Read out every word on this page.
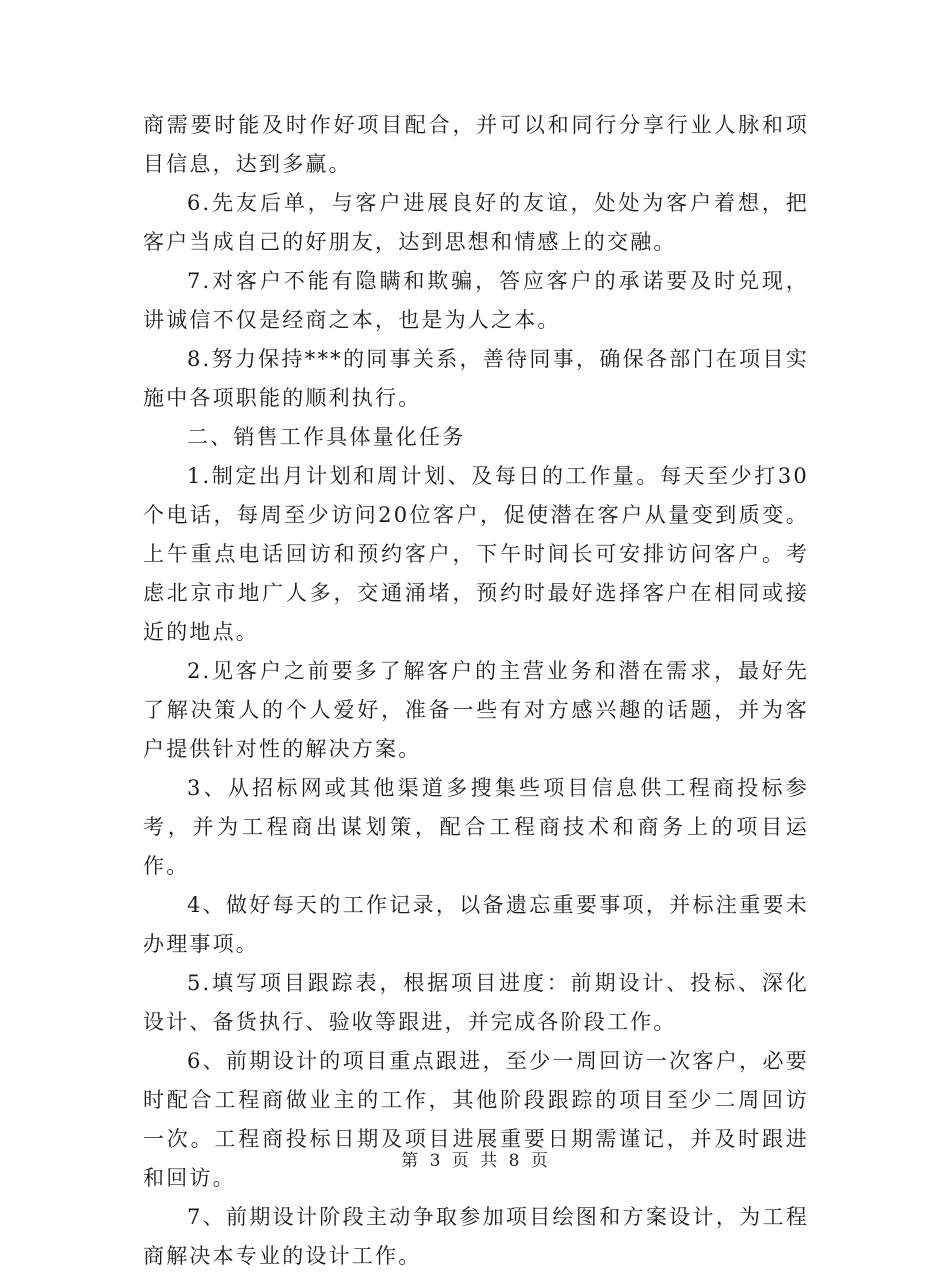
商需要时能及时作好项目配合，并可以和同行分享行业人脉和项目信息，达到多赢。

6.先友后单，与客户进展良好的友谊，处处为客户着想，把客户当成自己的好朋友，达到思想和情感上的交融。

7.对客户不能有隐瞒和欺骗，答应客户的承诺要及时兑现，讲诚信不仅是经商之本，也是为人之本。

8.努力保持***的同事关系，善待同事，确保各部门在项目实施中各项职能的顺利执行。

二、销售工作具体量化任务

1.制定出月计划和周计划、及每日的工作量。每天至少打30个电话，每周至少访问20位客户，促使潜在客户从量变到质变。上午重点电话回访和预约客户，下午时间长可安排访问客户。考虑北京市地广人多，交通涌堵，预约时最好选择客户在相同或接近的地点。

2.见客户之前要多了解客户的主营业务和潜在需求，最好先了解决策人的个人爱好，准备一些有对方感兴趣的话题，并为客户提供针对性的解决方案。

3、从招标网或其他渠道多搜集些项目信息供工程商投标参考，并为工程商出谋划策，配合工程商技术和商务上的项目运作。

4、做好每天的工作记录，以备遗忘重要事项，并标注重要未办理事项。

5.填写项目跟踪表，根据项目进度：前期设计、投标、深化设计、备货执行、验收等跟进，并完成各阶段工作。

6、前期设计的项目重点跟进，至少一周回访一次客户，必要时配合工程商做业主的工作，其他阶段跟踪的项目至少二周回访一次。工程商投标日期及项目进展重要日期需谨记，并及时跟进和回访。

7、前期设计阶段主动争取参加项目绘图和方案设计，为工程商解决本专业的设计工作。

第 3 页 共 8 页
